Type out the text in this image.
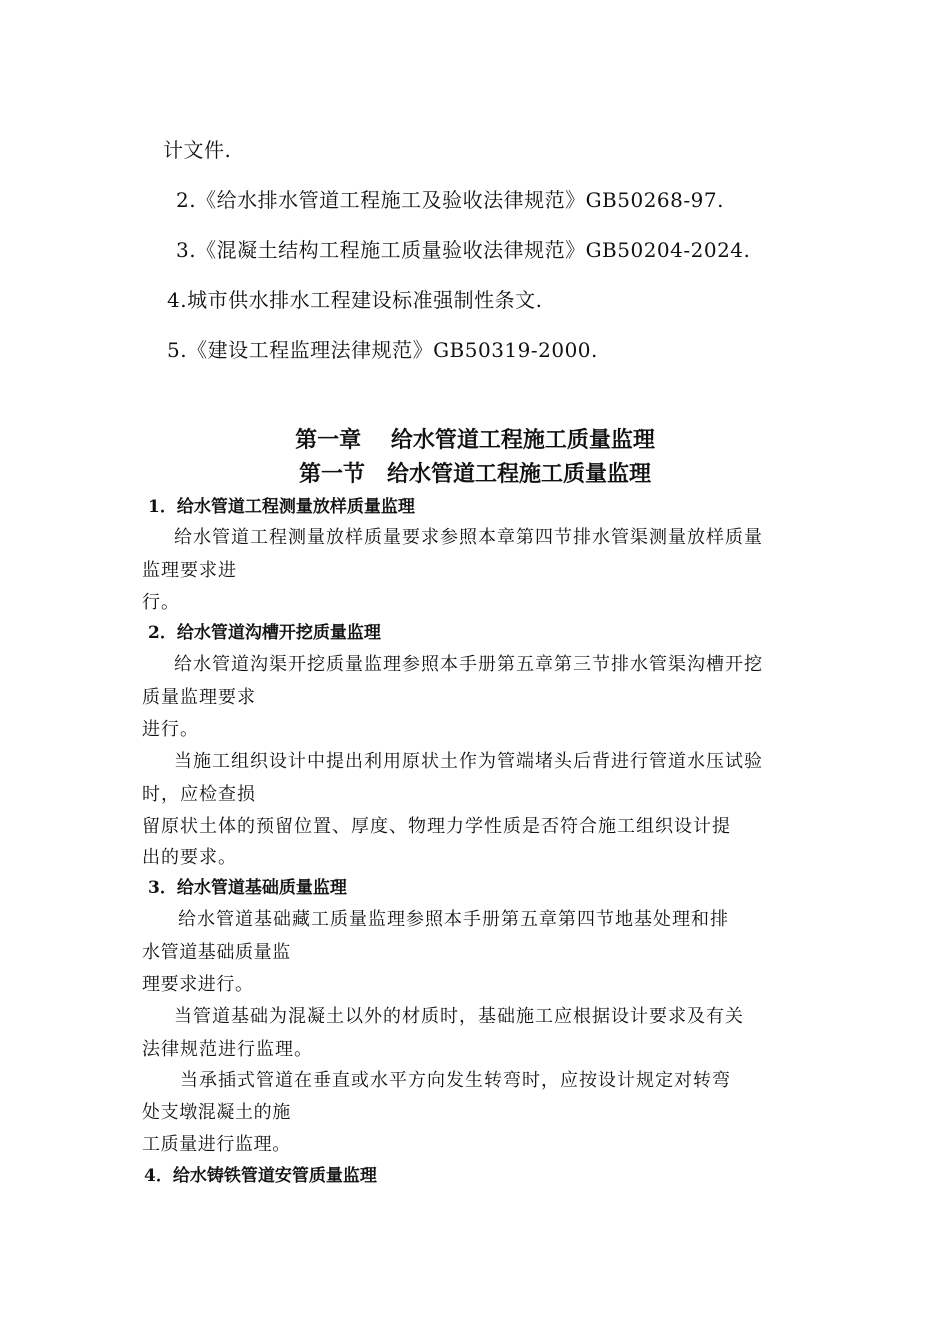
计文件.
2.《给水排水管道工程施工及验收法律规范》GB50268-97.
3.《混凝土结构工程施工质量验收法律规范》GB50204-2024.
4.城市供水排水工程建设标准强制性条文.
5.《建设工程监理法律规范》GB50319-2000.
第一章　 给水管道工程施工质量监理
第一节　给水管道工程施工质量监理
1．给水管道工程测量放样质量监理
给水管道工程测量放样质量要求参照本章第四节排水管渠测量放样质量
监理要求进
行。
2．给水管道沟槽开挖质量监理
给水管道沟渠开挖质量监理参照本手册第五章第三节排水管渠沟槽开挖
质量监理要求
进行。
当施工组织设计中提出利用原状土作为管端堵头后背进行管道水压试验
时，应检查损
留原状土体的预留位置、厚度、物理力学性质是否符合施工组织设计提
出的要求。
3．给水管道基础质量监理
给水管道基础藏工质量监理参照本手册第五章第四节地基处理和排
水管道基础质量监
理要求进行。
当管道基础为混凝土以外的材质时，基础施工应根据设计要求及有关
法律规范进行监理。
当承插式管道在垂直或水平方向发生转弯时，应按设计规定对转弯
处支墩混凝土的施
工质量进行监理。
4．给水铸铁管道安管质量监理
